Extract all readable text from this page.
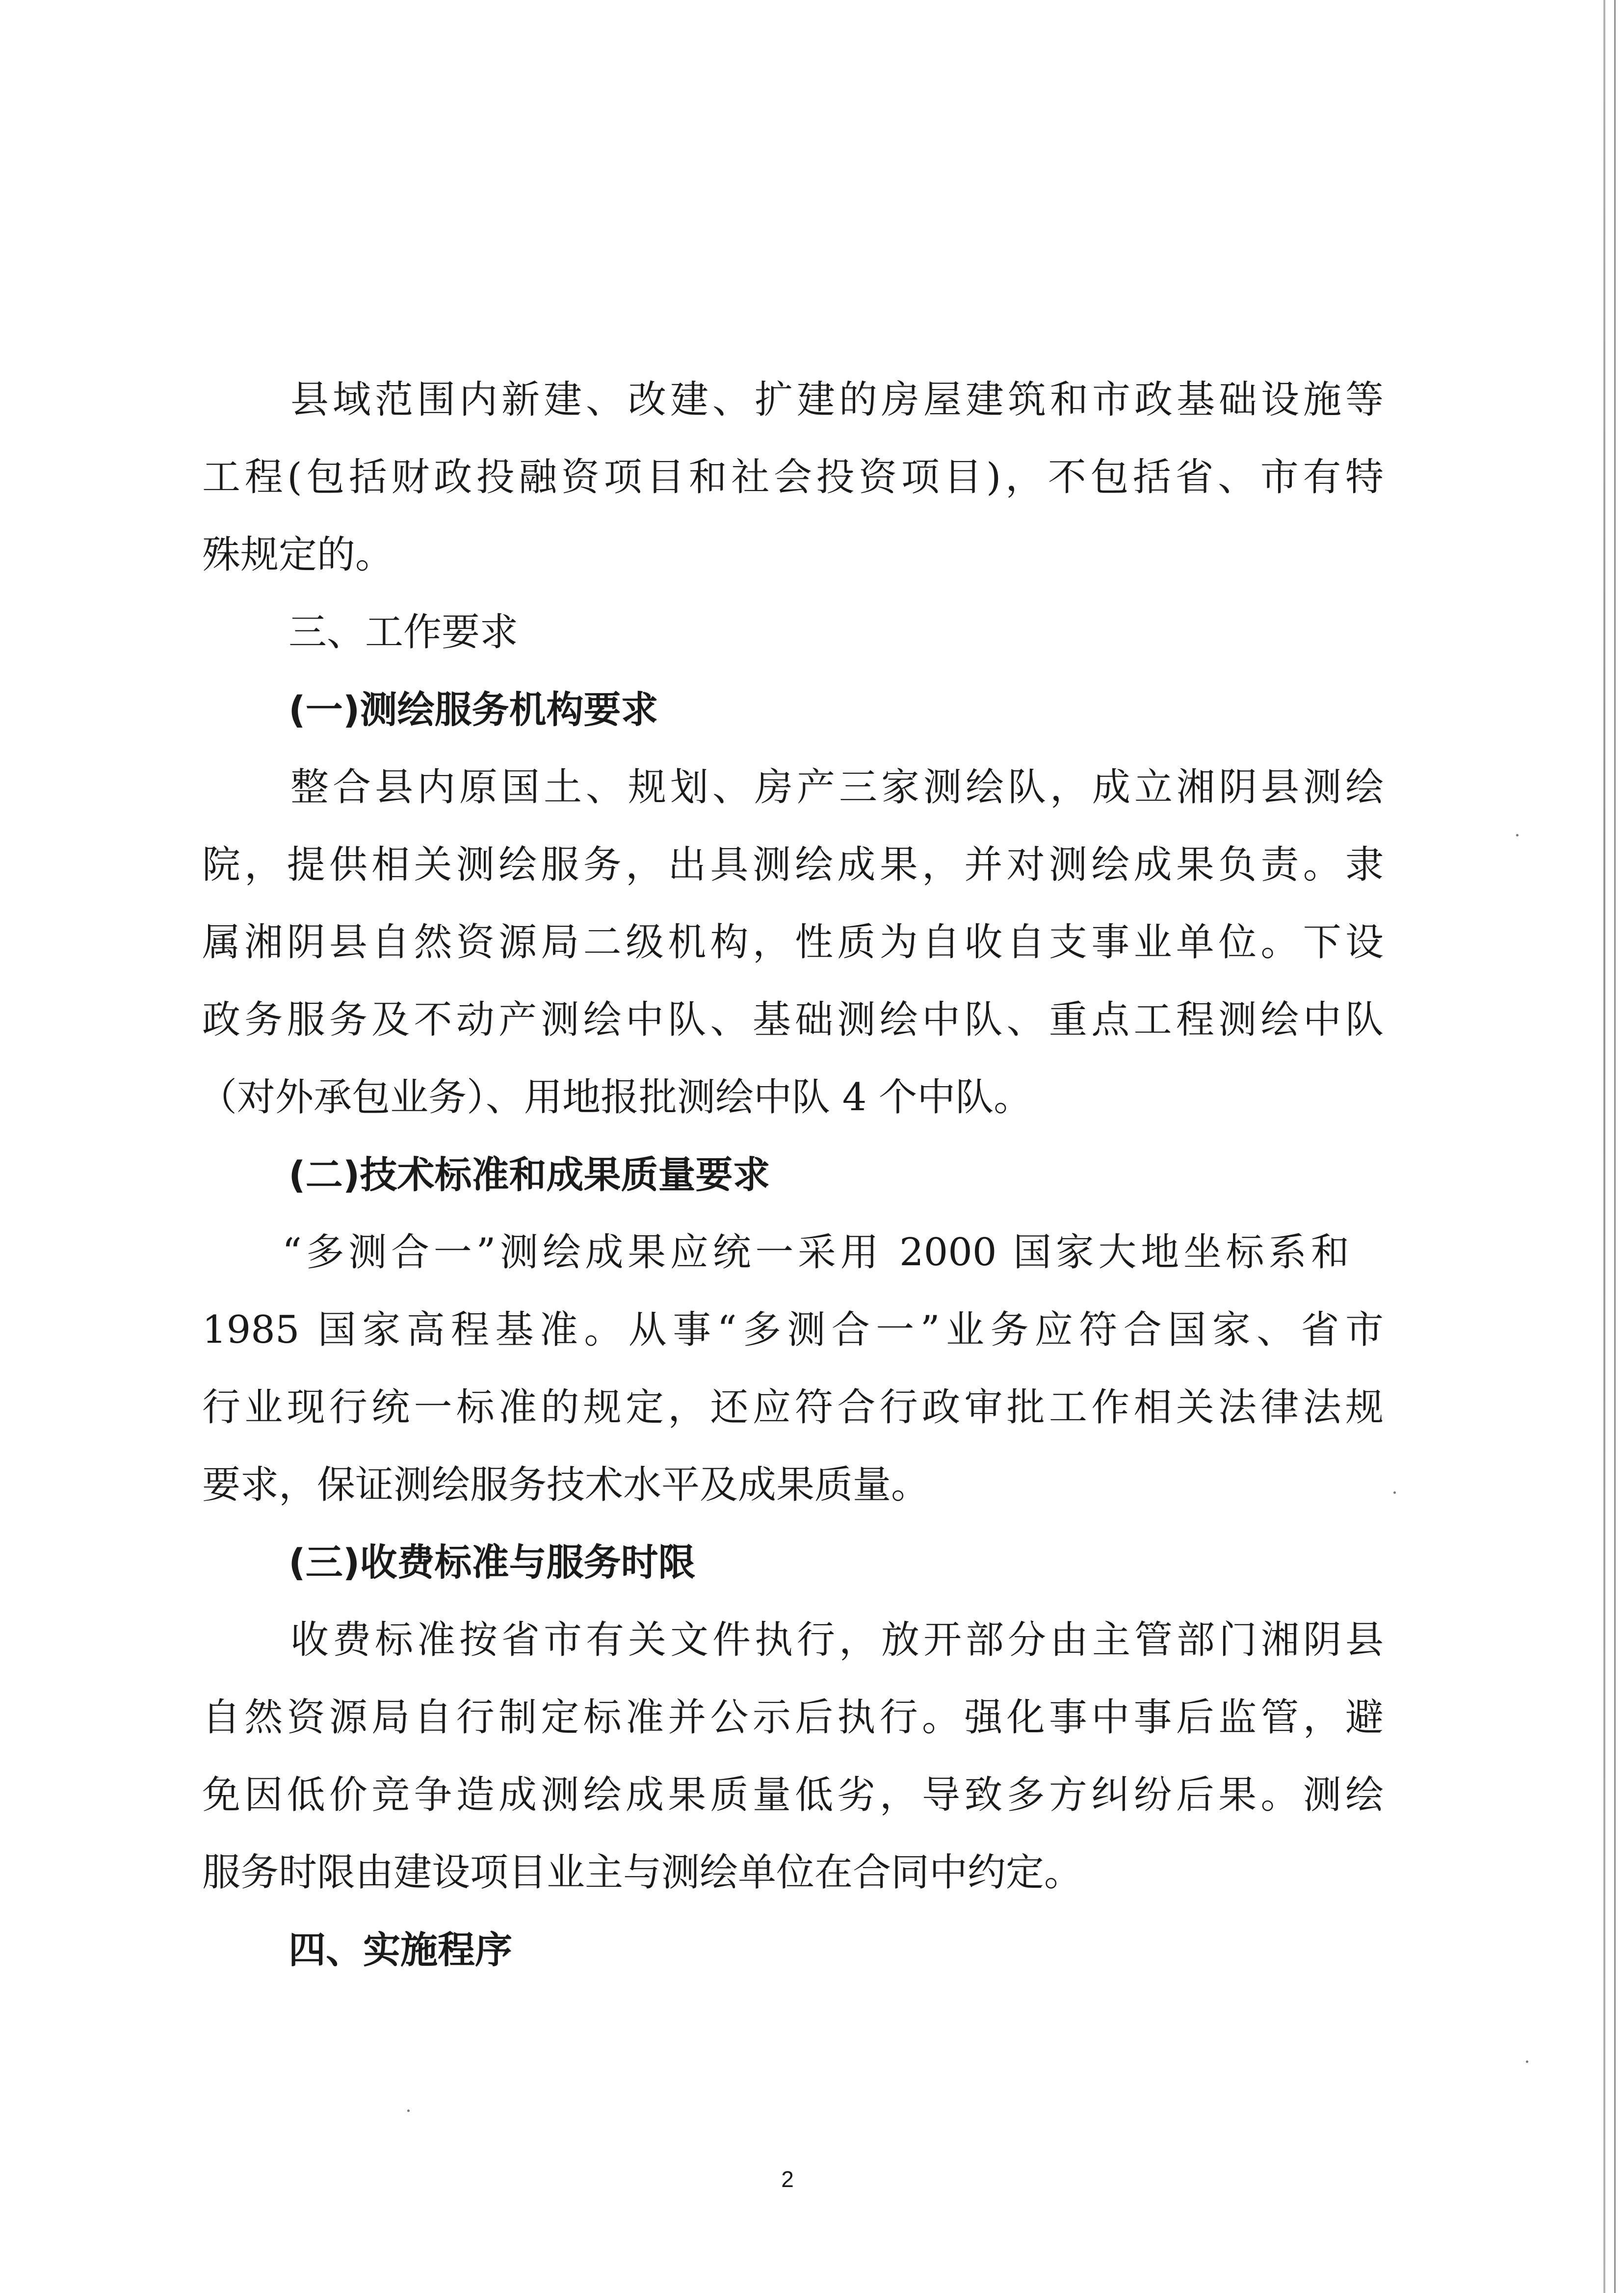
县域范围内新建、改建、扩建的房屋建筑和市政基础设施等
工程(包括财政投融资项目和社会投资项目)，不包括省、市有特
殊规定的。
三、工作要求
(一)测绘服务机构要求
整合县内原国土、规划、房产三家测绘队，成立湘阴县测绘
院，提供相关测绘服务，出具测绘成果，并对测绘成果负责。隶
属湘阴县自然资源局二级机构，性质为自收自支事业单位。下设
政务服务及不动产测绘中队、基础测绘中队、重点工程测绘中队
（对外承包业务）、用地报批测绘中队 4 个中队。
(二)技术标准和成果质量要求
“多测合一”测绘成果应统一采用 2000 国家大地坐标系和
1985 国家高程基准。从事“多测合一”业务应符合国家、省市
行业现行统一标准的规定，还应符合行政审批工作相关法律法规
要求，保证测绘服务技术水平及成果质量。
(三)收费标准与服务时限
收费标准按省市有关文件执行，放开部分由主管部门湘阴县
自然资源局自行制定标准并公示后执行。强化事中事后监管，避
免因低价竞争造成测绘成果质量低劣，导致多方纠纷后果。测绘
服务时限由建设项目业主与测绘单位在合同中约定。
四、实施程序
2
